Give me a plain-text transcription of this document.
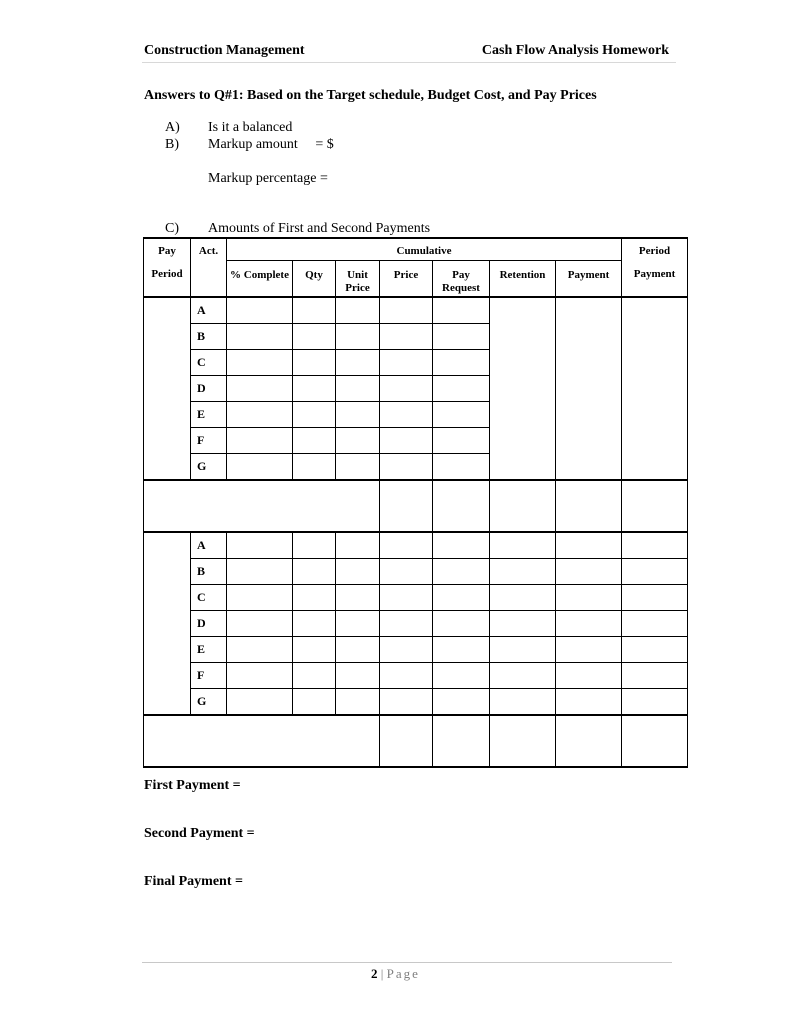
Construction Management	Cash Flow Analysis Homework
Answers to Q#1: Based on the Target schedule, Budget Cost, and Pay Prices
A) Is it a balanced
B) Markup amount     = $
Markup percentage =
C) Amounts of First and Second Payments
Pay	Act.	Cumulative							Period
Period		% Complete	Qty	Unit Price	Price	Pay Request	Retention	Payment	Payment
	A								
	B								
	C								
	D								
	E								
	F								
	G								

	A								
	B								
	C								
	D								
	E								
	F								
	G								

First Payment =
Second Payment =
Final Payment =
2 | Page
